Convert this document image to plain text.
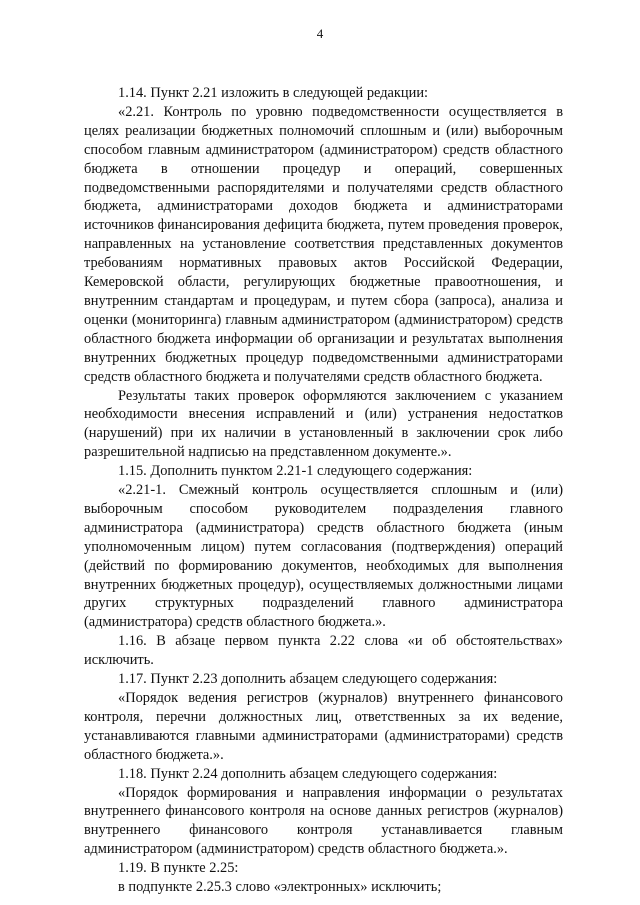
4

1.14. Пункт 2.21 изложить в следующей редакции:

«2.21. Контроль по уровню подведомственности осуществляется в целях реализации бюджетных полномочий сплошным и (или) выборочным способом главным администратором (администратором) средств областного бюджета в отношении процедур и операций, совершенных подведомственными распорядителями и получателями средств областного бюджета, администраторами доходов бюджета и администраторами источников финансирования дефицита бюджета, путем проведения проверок, направленных на установление соответствия представленных документов требованиям нормативных правовых актов Российской Федерации, Кемеровской области, регулирующих бюджетные правоотношения, и внутренним стандартам и процедурам, и путем сбора (запроса), анализа и оценки (мониторинга) главным администратором (администратором) средств областного бюджета информации об организации и результатах выполнения внутренних бюджетных процедур подведомственными администраторами средств областного бюджета и получателями средств областного бюджета.

Результаты таких проверок оформляются заключением с указанием необходимости внесения исправлений и (или) устранения недостатков (нарушений) при их наличии в установленный в заключении срок либо разрешительной надписью на представленном документе.».

1.15. Дополнить пунктом 2.21-1 следующего содержания:

«2.21-1. Смежный контроль осуществляется сплошным и (или) выборочным способом руководителем подразделения главного администратора (администратора) средств областного бюджета (иным уполномоченным лицом) путем согласования (подтверждения) операций (действий по формированию документов, необходимых для выполнения внутренних бюджетных процедур), осуществляемых должностными лицами других структурных подразделений главного администратора (администратора) средств областного бюджета.».

1.16. В абзаце первом пункта 2.22 слова «и об обстоятельствах» исключить.

1.17. Пункт 2.23 дополнить абзацем следующего содержания:

«Порядок ведения регистров (журналов) внутреннего финансового контроля, перечни должностных лиц, ответственных за их ведение, устанавливаются главными администраторами (администраторами) средств областного бюджета.».

1.18. Пункт 2.24 дополнить абзацем следующего содержания:

«Порядок формирования и направления информации о результатах внутреннего финансового контроля на основе данных регистров (журналов) внутреннего финансового контроля устанавливается главным администратором (администратором) средств областного бюджета.».

1.19. В пункте 2.25:

в подпункте 2.25.3 слово «электронных» исключить;
